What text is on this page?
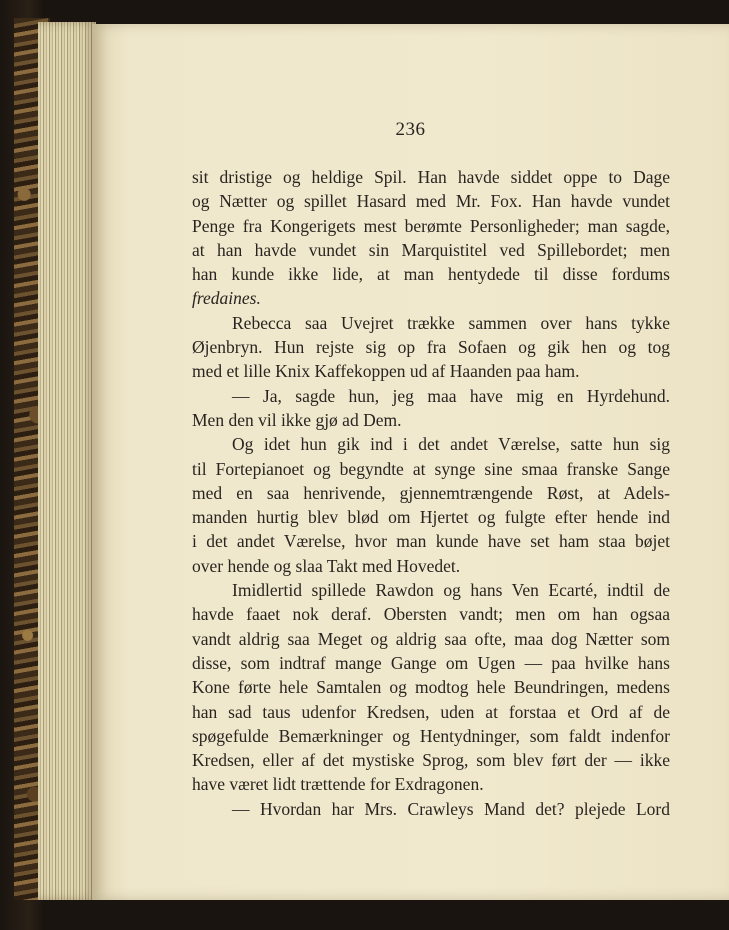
236
sit dristige og heldige Spil. Han havde siddet oppe to Dage
og Nætter og spillet Hasard med Mr. Fox. Han havde vundet
Penge fra Kongerigets mest berømte Personligheder; man sagde,
at han havde vundet sin Marquistitel ved Spillebordet; men
han kunde ikke lide, at man hentydede til disse fordums
fredaines.
Rebecca saa Uvejret trække sammen over hans tykke
Øjenbryn. Hun rejste sig op fra Sofaen og gik hen og tog
med et lille Knix Kaffekoppen ud af Haanden paa ham.
— Ja, sagde hun, jeg maa have mig en Hyrdehund.
Men den vil ikke gjø ad Dem.
Og idet hun gik ind i det andet Værelse, satte hun sig
til Fortepianoet og begyndte at synge sine smaa franske Sange
med en saa henrivende, gjennemtrængende Røst, at Adels-
manden hurtig blev blød om Hjertet og fulgte efter hende ind
i det andet Værelse, hvor man kunde have set ham staa bøjet
over hende og slaa Takt med Hovedet.
Imidlertid spillede Rawdon og hans Ven Ecarté, indtil de
havde faaet nok deraf. Obersten vandt; men om han ogsaa
vandt aldrig saa Meget og aldrig saa ofte, maa dog Nætter som
disse, som indtraf mange Gange om Ugen — paa hvilke hans
Kone førte hele Samtalen og modtog hele Beundringen, medens
han sad taus udenfor Kredsen, uden at forstaa et Ord af de
spøgefulde Bemærkninger og Hentydninger, som faldt indenfor
Kredsen, eller af det mystiske Sprog, som blev ført der — ikke
have været lidt trættende for Exdragonen.
— Hvordan har Mrs. Crawleys Mand det? plejede Lord
